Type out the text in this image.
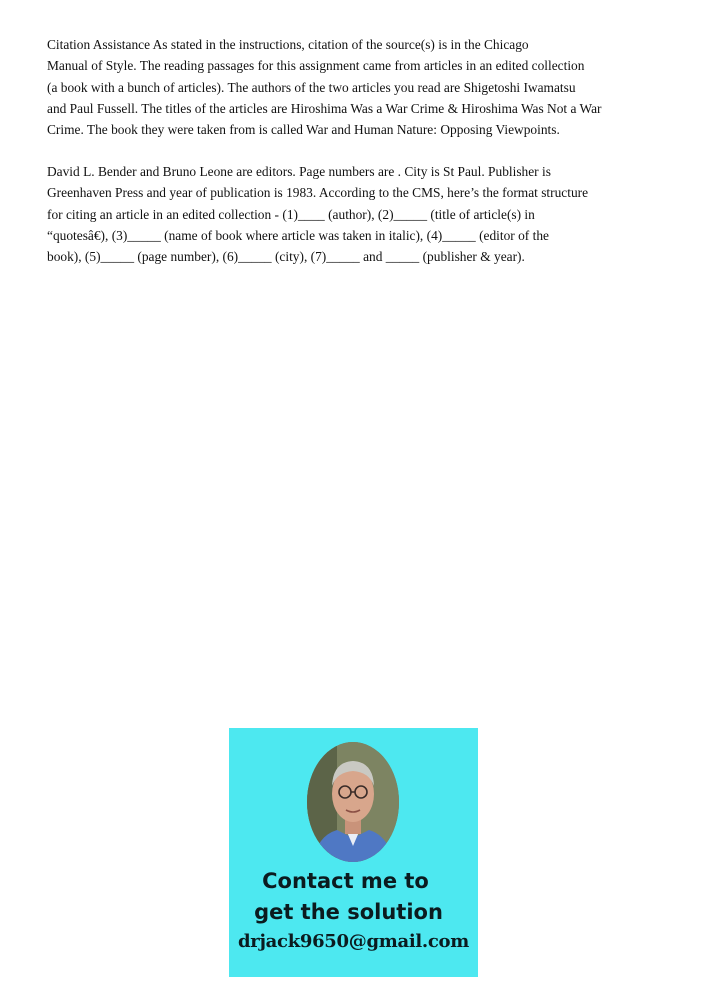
Citation Assistance As stated in the instructions, citation of the source(s) is in the Chicago
Manual of Style. The reading passages for this assignment came from articles in an edited collection
(a book with a bunch of articles). The authors of the two articles you read are Shigetoshi Iwamatsu
and Paul Fussell. The titles of the articles are Hiroshima Was a War Crime & Hiroshima Was Not a War
Crime. The book they were taken from is called War and Human Nature: Opposing Viewpoints.

David L. Bender and Bruno Leone are editors. Page numbers are . City is St Paul. Publisher is
Greenhaven Press and year of publication is 1983. According to the CMS, here’s the format structure
for citing an article in an edited collection - (1)____ (author), (2)_____ (title of article(s) in
“quotesâ€), (3)_____ (name of book where article was taken in italic), (4)_____ (editor of the
book), (5)_____ (page number), (6)_____ (city), (7)_____ and _____ (publisher & year).

Contact me to
get the solution
drjack9650@gmail.com
